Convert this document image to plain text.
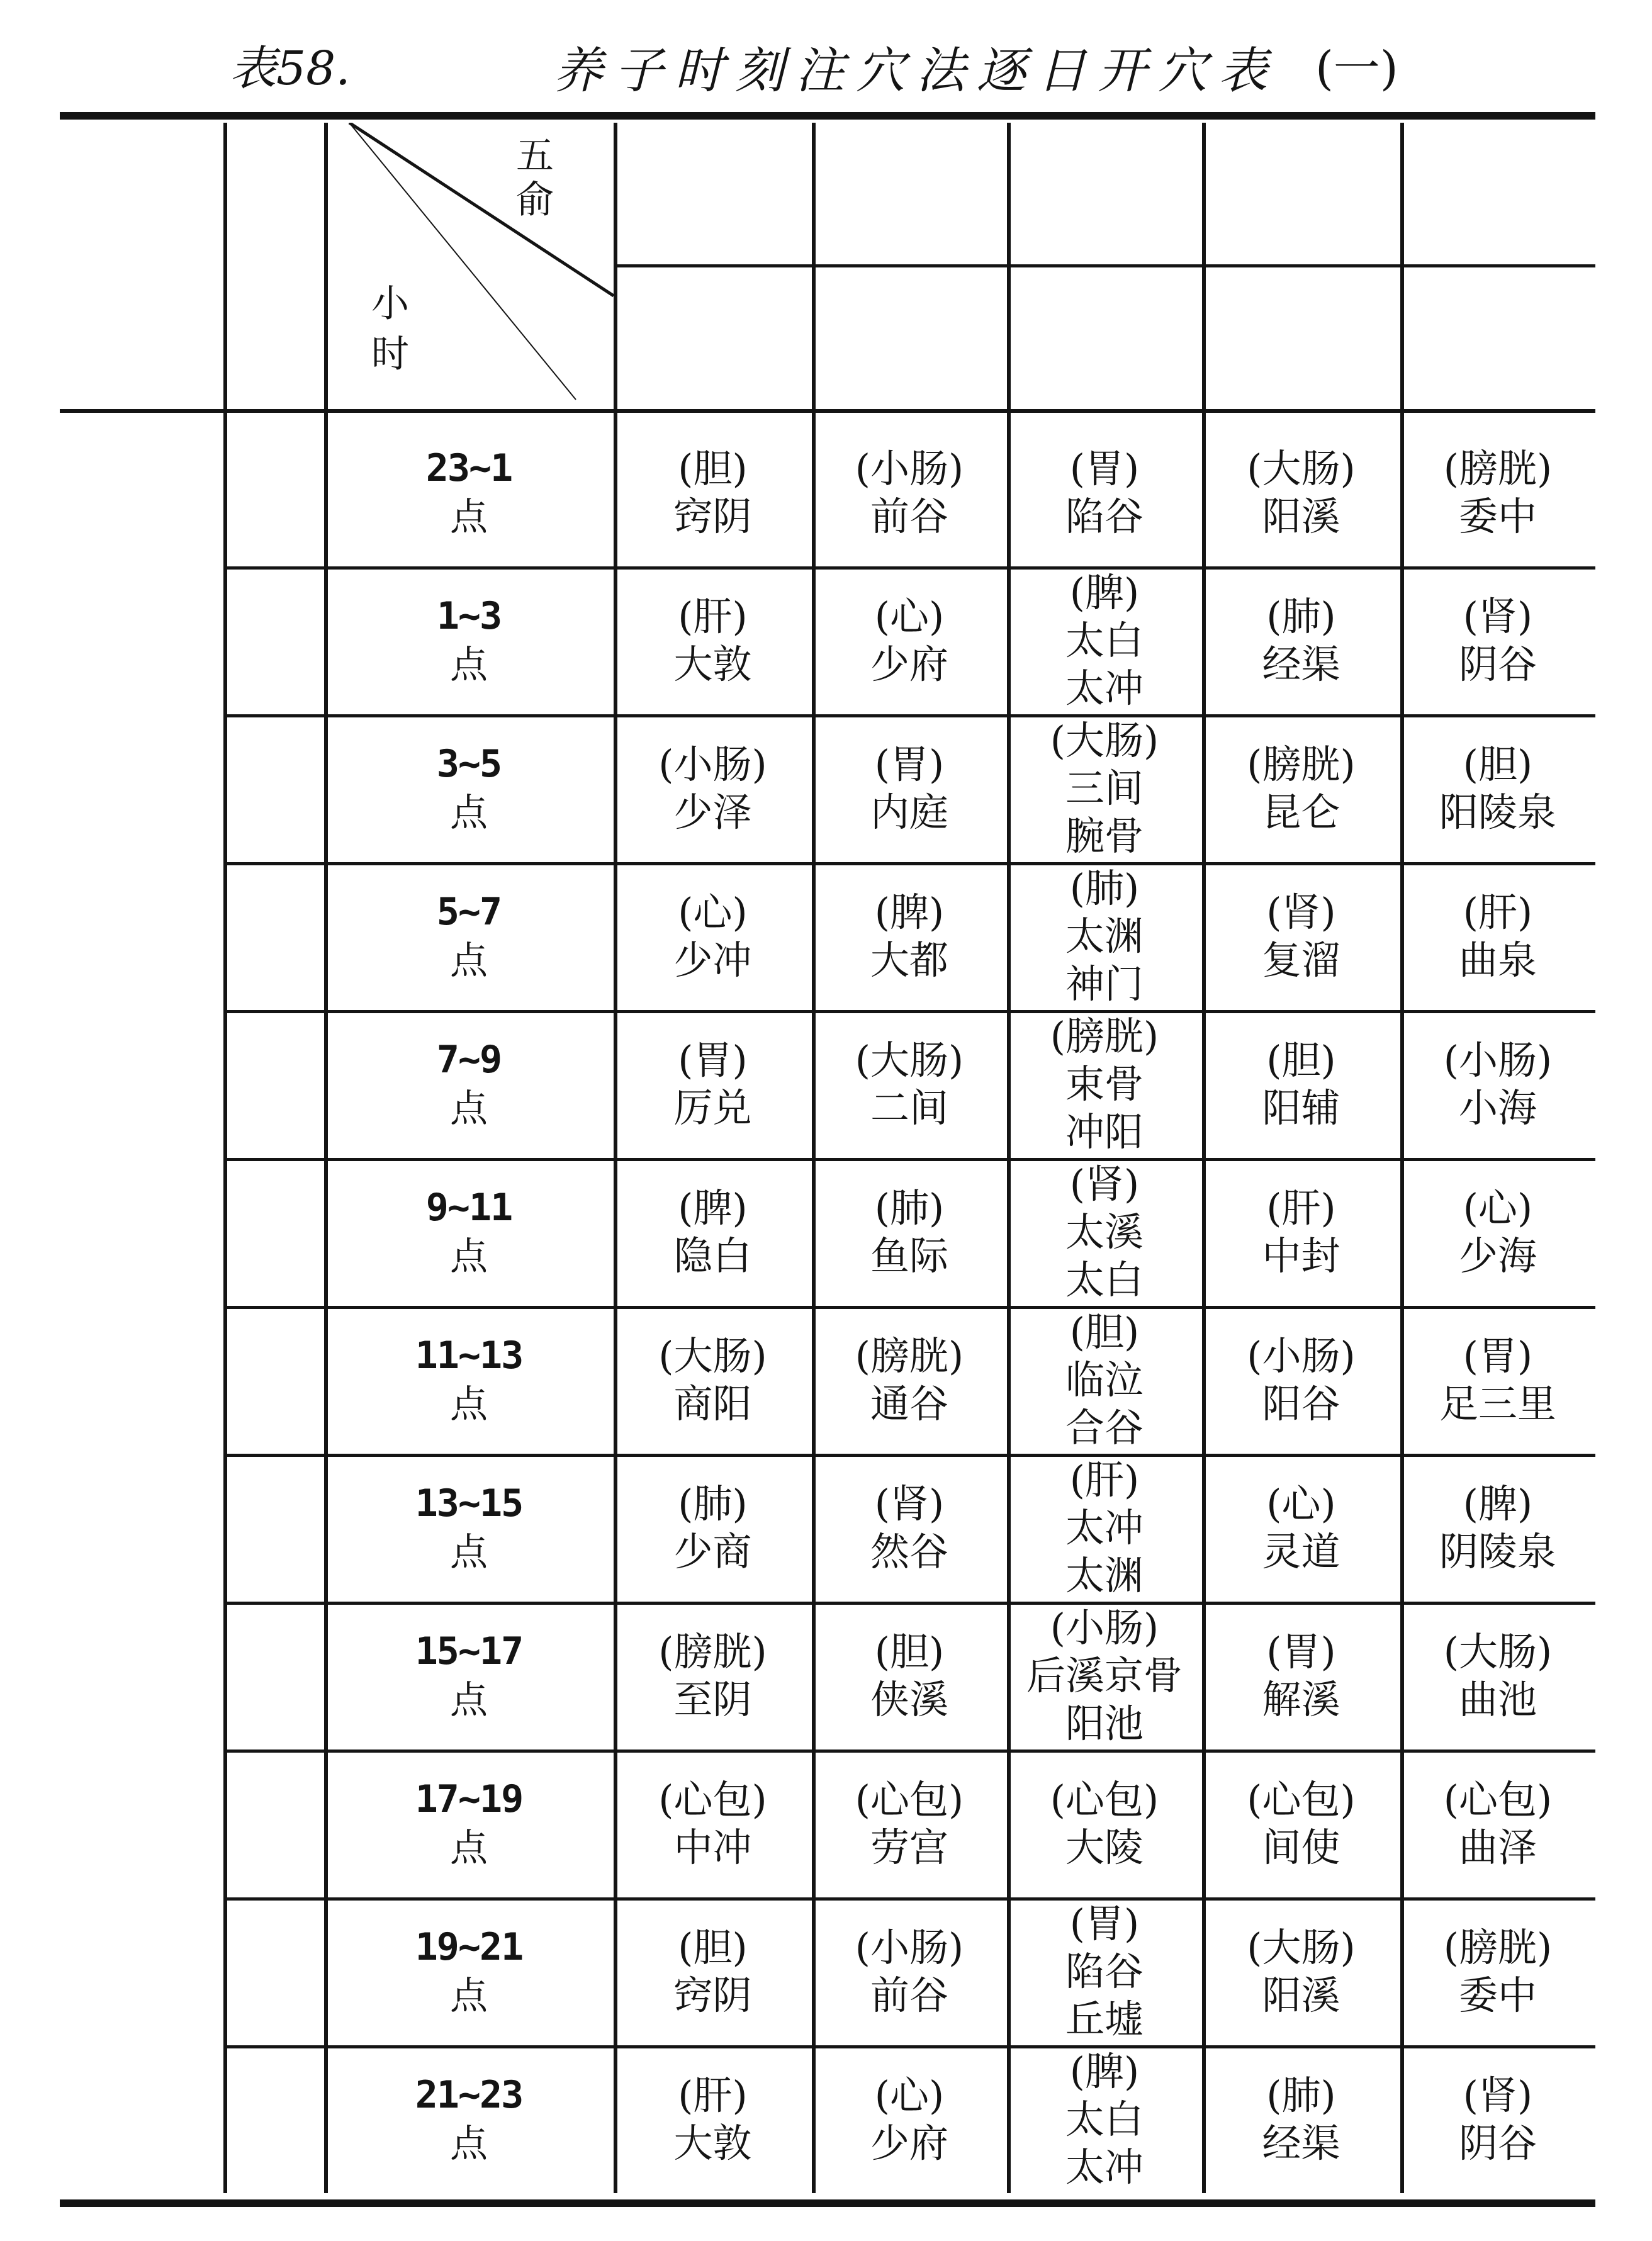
表58.	养子时刻注穴法逐日开穴表 (一)
五
俞
小
时
23~1
点
(胆)
窍阴
(小肠)
前谷
(胃)
陷谷
(大肠)
阳溪
(膀胱)
委中
1~3
点
(肝)
大敦
(心)
少府
(脾)
太白
太冲
(肺)
经渠
(肾)
阴谷
3~5
点
(小肠)
少泽
(胃)
内庭
(大肠)
三间
腕骨
(膀胱)
昆仑
(胆)
阳陵泉
5~7
点
(心)
少冲
(脾)
大都
(肺)
太渊
神门
(肾)
复溜
(肝)
曲泉
7~9
点
(胃)
厉兑
(大肠)
二间
(膀胱)
束骨
冲阳
(胆)
阳辅
(小肠)
小海
9~11
点
(脾)
隐白
(肺)
鱼际
(肾)
太溪
太白
(肝)
中封
(心)
少海
11~13
点
(大肠)
商阳
(膀胱)
通谷
(胆)
临泣
合谷
(小肠)
阳谷
(胃)
足三里
13~15
点
(肺)
少商
(肾)
然谷
(肝)
太冲
太渊
(心)
灵道
(脾)
阴陵泉
15~17
点
(膀胱)
至阴
(胆)
侠溪
(小肠)
后溪京骨
阳池
(胃)
解溪
(大肠)
曲池
17~19
点
(心包)
中冲
(心包)
劳宫
(心包)
大陵
(心包)
间使
(心包)
曲泽
19~21
点
(胆)
窍阴
(小肠)
前谷
(胃)
陷谷
丘墟
(大肠)
阳溪
(膀胱)
委中
21~23
点
(肝)
大敦
(心)
少府
(脾)
太白
太冲
(肺)
经渠
(肾)
阴谷
